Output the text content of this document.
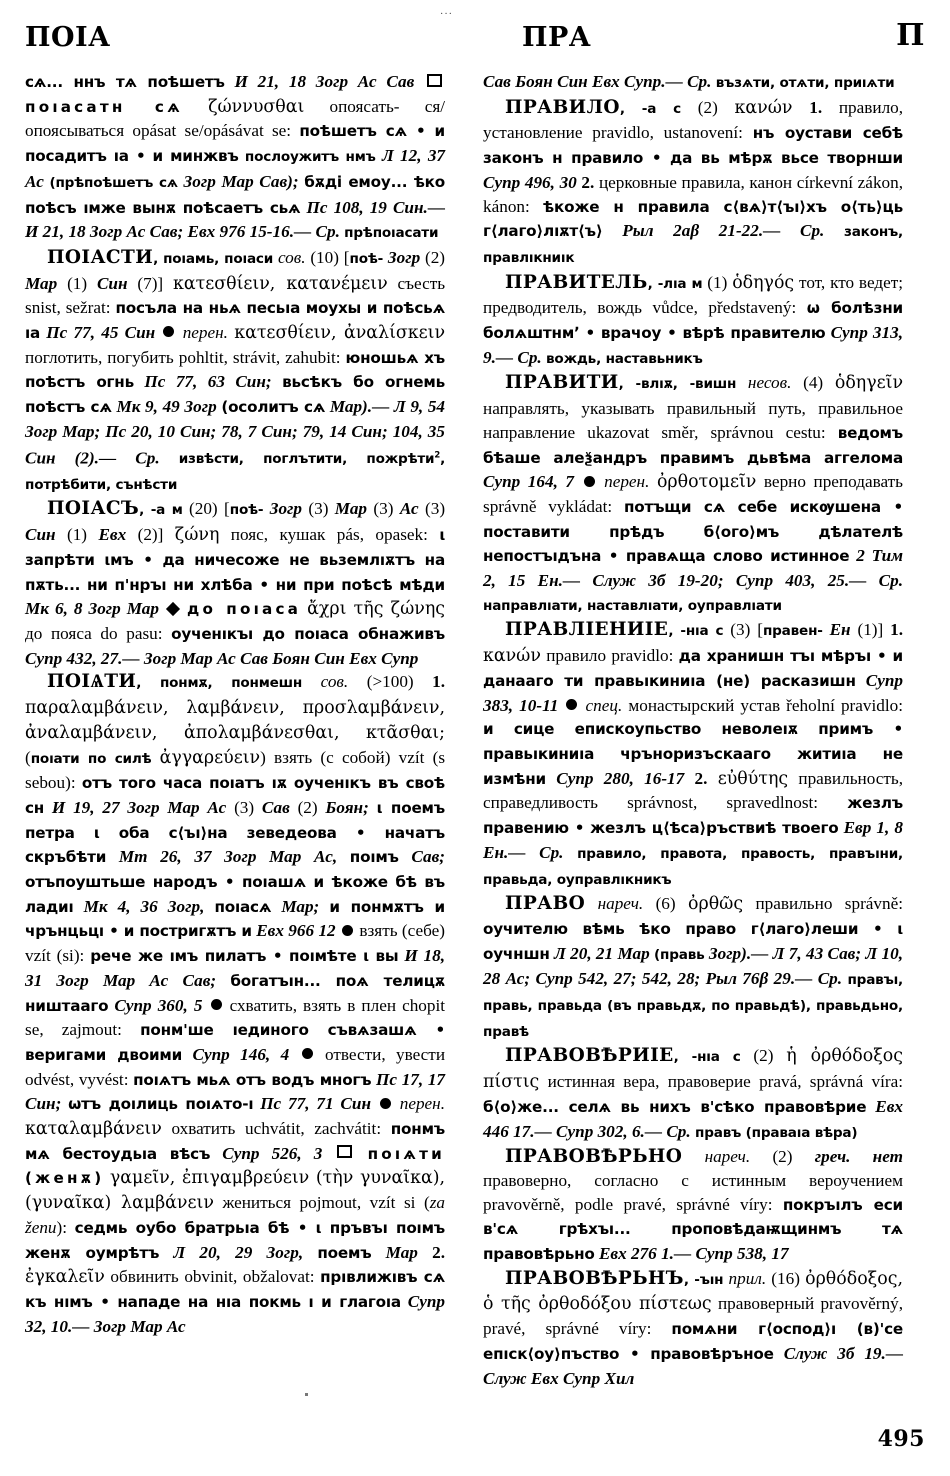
ПОІА	ПРА	П
···

сѧ... ннъ тѧ поѣшетъ И 21, 18 Зогр Ас Сав  поıасатн сѧ ζώννυσθαι опоясать- ся/опоясываться opásat se/opásávat se: поѣшетъ сѧ • и посадитъ ıа • и минжвъ послоужитъ нмъ Л 12, 37 Ас (прѣпоѣшетъ сѧ Зогр Мар Сав); бѫді емоу... ѣко поѣсъ ıмже вынѫ поѣсаетъ сьѧ Пс 108, 19 Син.— И 21, 18 Зогр Ас Сав; Евх 976 15-16.— Ср. прѣпоıасати

ПОІАСТИ, поıамь, поıаси сов. (10) [поѣ- Зогр (2) Мар (1) Син (7)] κατεσθίειν, κατανέμειν съесть snist, sežrat: посъла на ньѧ песьıа моухы и поѣсьѧ ıа Пс 77, 45 Син перен. κατεσθίειν, ἀναλίσκειν поглотить, погубить pohltit, strávit, zahubit: юношьѧ хъ поѣстъ огнь Пс 77, 63 Син; вьсѣкъ бо огнемь поѣстъ сѧ Мк 9, 49 Зогр (осолитъ сѧ Мар).— Л 9, 54 Зогр Мар; Пс 20, 10 Син; 78, 7 Син; 79, 14 Син; 104, 35 Син (2).— Ср. извѣсти, поглътити, пожрѣти$^2$, потрѣбити, сънѣсти

ПОІАСЪ, -а м (20) [поѣ- Зогр (3) Мар (3) Ас (3) Син (1) Евх (2)] ζώνη пояс, кушак pás, opasek: ι запрѣти ιмъ • да ничесоже не вьземлıѫтъ на пѫть... ни п'нръı ни хлѣба • ни при поѣсѣ мѣди Мк 6, 8 Зогр Мар до поıаса ἄχρι τῆς ζώνης до пояса do pasu: оученıкъı до поıаса обнаживъ Супр 432, 27.— Зогр Мар Ас Сав Боян Син Евх Супр

ПОІѦТИ, понмѫ, понмешн сов. (>100) 1. παραλαμβάνειν, λαμβάνειν, προσλαμβάνειν, ἀναλαμβάνειν, ἀπολαμβάνεσθαι, κτᾶσθαι; (поıати по силѣ ἀγγαρεύειν) взять (с собой) vzít (s sebou): отъ того часа поıатъ ıѫ оученıкъ въ своѣ сн И 19, 27 Зогр Мар Ас (3) Сав (2) Боян; ι поемъ петра ι оба с⟨ъı⟩на зеведеова • начатъ скръбѣти Мт 26, 37 Зогр Мар Ас, поıмъ Сав; отъпоуштьше народъ • поıашѧ и ѣкоже бѣ въ ладиı Мк 4, 36 Зогр, поıасѧ Мар; и понмѫтъ и чрънцьцı • и постригѫтъ и Евх 966 12 взять (себе) vzít (si): рече же ıмъ пилатъ • поıмѣте ι вы И 18, 31 Зогр Мар Ас Сав; богатъıн... поѧ телицѫ ништааго Супр 360, 5 схватить, взять в плен chopit se, zajmout: понм'ше ıединого съвѧзашѧ • веригами двоими Супр 146, 4 отвести, увести odvést, vyvést: поıѧтъ мьѧ отъ водъ многъ Пс 17, 17 Син; ѡтъ доıлиць поıѧто-ı Пс 77, 71 Син перен. καταλαμβάνειν охватить uchvátit, zachvátit: понмъ мѧ бестоудьıа вѣсъ Супр 526, 3	поıѧти (женѫ) γαμεῖν, ἐπιγαμβρεύειν (τὴν γυναῖκα), (γυναῖκα) λαμβάνειν жениться pojmout, vzít si (za ženu): седмь оубо братрьıа бѣ • ι пръвъı поıмъ женѫ оумрѣтъ Л 20, 29 Зогр, поемъ Мар 2. ἐγκαλεῖν обвинить obvinit, obžalovat: прıвлижıвъ сѧ къ нıмъ • нападе на нıа покмь ı и глагоıа Супр 32, 10.— Зогр Мар Ас

Сав Боян Син Евх Супр.— Ср. възѧти, отѧти, приıѧти

ПРАВИЛО, -а с (2) κανών 1. правило, установление pravidlo, ustanovení: нъ оустави себѣ законъ н правило • да вь мѣрѫ вьсе творнши Супр 496, 30 2. церковные правила, канон církevní zákon, kánon: ѣкоже н правила с⟨вѧ⟩т⟨ъı⟩хъ о⟨ть⟩ць г⟨лаго⟩лıѫт⟨ъ⟩ Рыл 2аβ 21-22.— Ср. законъ, правлıкниıк

ПРАВИТЕЛЬ, -лıа м (1) ὁδηγός тот, кто ведет; предводитель, вождь vůdce, představený: ѡ болѣзни болѧштнмʼ • врачоу • вѣрѣ правителю Супр 313, 9.— Ср. вождь, наставьникъ

ПРАВИТИ, -влıѫ, -вишн несов. (4) ὁδηγεῖν направлять, указывать правильный путь, правильное направление ukazovat směr, správnou cestu: ведомъ бѣаше алеѯандръ правимъ дьвѣма аггелома Супр 164, 7 перен. ὀρθοτομεῖν верно преподавать správně vykládat: потъщи сѧ себе искѹшена • поставити прѣдъ б⟨ого⟩мъ дѣлателѣ непостъıдъна • правѧща слово истинное 2 Тим 2, 15 Ен.— Служ 3б 19-20; Супр 403, 25.— Ср. направлıати, наставлıати, оуправлıати

ПРАВЛІЕНИІЕ, -нıа с (3) [правен- Ен (1)] 1. κανών правило pravidlo: да хранишн тъı мѣръı • и данааго ти правьıкиниıа (не) расказишн Супр 383, 10-11 спец. монастырский устав řeholní pravidlo: и сице епискоупьство неволеıѫ примъ • правьıкиниıа чръноризъскааго житиıа не измѣни Супр 280, 16-17 2. εὐθύτης правильность, справедливость správnost, spravedlnost: жезлъ правению • жезлъ ц⟨ѣса⟩ръствиѣ твоего Евр 1, 8 Ен.— Ср. правило, правота, правость, правъıни, правьда, оуправлıкникъ

ПРАВО нареч. (6) ὀρθῶς правильно správně: оучителю вѣмь ѣко право г⟨лаго⟩леши • ι оучншн Л 20, 21 Мар (правь Зогр).— Л 7, 43 Сав; Л 10, 28 Ас; Супр 542, 27; 542, 28; Рыл 76β 29.— Ср. правъı, правь, правьда (въ правьдѫ, по правьдѣ), правьдьно, правѣ

ПРАВОВѢРИІЕ, -нıа с (2) ἡ ὀρθόδοξος πίστις истинная вера, правоверие pravá, správná víra: б⟨о⟩же... селѧ вь нихъ в'сѣко правовѣрие Евх 446 17.— Супр 302, 6.— Ср. правъ (праваıа вѣра)

ПРАВОВѢРЬНО нареч. (2) греч. нет правоверно, согласно с истинным вероучением pravověrně, podle pravé, správné víry: покръıлъ еси в'сѧ грѣхъı... проповѣдаѭщинмъ тѧ правовѣрьно Евх 276 1.— Супр 538, 17

ПРАВОВѢРЬНЪ, -ъıн прил. (16) ὀρθόδοξος, ὁ τῆς ὀρθοδόξου πίστεως правоверный pravověrný, pravé, správné víry: помѧни г⟨оспод⟩ı (в)'се епıск⟨оу⟩пъство • правовѣръное Служ 3б 19.— Служ Евх Супр Хил

495
